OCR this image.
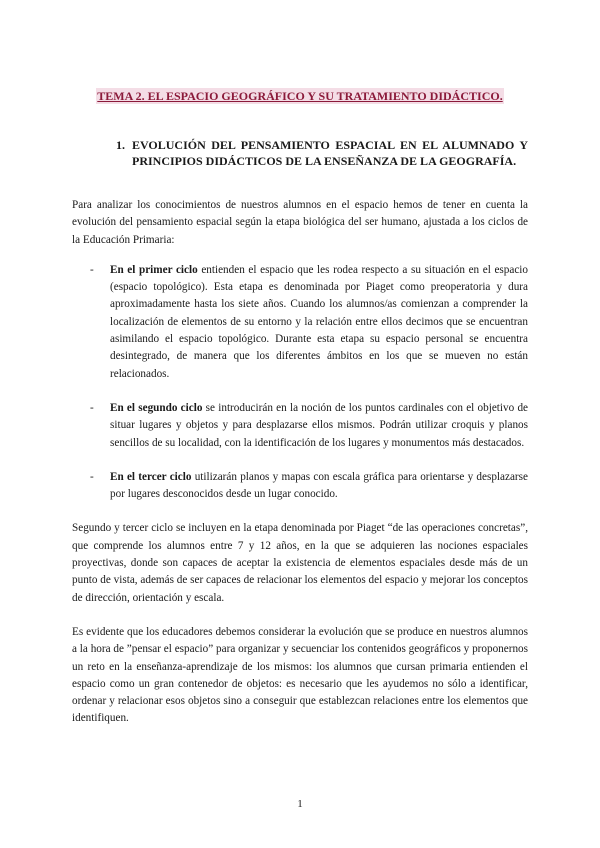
TEMA 2. EL ESPACIO GEOGRÁFICO Y SU TRATAMIENTO DIDÁCTICO.
1. EVOLUCIÓN DEL PENSAMIENTO ESPACIAL EN EL ALUMNADO Y PRINCIPIOS DIDÁCTICOS DE LA ENSEÑANZA DE LA GEOGRAFÍA.

Para analizar los conocimientos de nuestros alumnos en el espacio hemos de tener en cuenta la evolución del pensamiento espacial según la etapa biológica del ser humano, ajustada a los ciclos de la Educación Primaria:

-	En el primer ciclo entienden el espacio que les rodea respecto a su situación en el espacio (espacio topológico). Esta etapa es denominada por Piaget como preoperatoria y dura aproximadamente hasta los siete años. Cuando los alumnos/as comienzan a comprender la localización de elementos de su entorno y la relación entre ellos decimos que se encuentran asimilando el espacio topológico. Durante esta etapa su espacio personal se encuentra desintegrado, de manera que los diferentes ámbitos en los que se mueven no están relacionados.
-	En el segundo ciclo se introducirán en la noción de los puntos cardinales con el objetivo de situar lugares y objetos y para desplazarse ellos mismos. Podrán utilizar croquis y planos sencillos de su localidad, con la identificación de los lugares y monumentos más destacados.
-	En el tercer ciclo utilizarán planos y mapas con escala gráfica para orientarse y desplazarse por lugares desconocidos desde un lugar conocido.

Segundo y tercer ciclo se incluyen en la etapa denominada por Piaget “de las operaciones concretas”, que comprende los alumnos entre 7 y 12 años, en la que se adquieren las nociones espaciales proyectivas, donde son capaces de aceptar la existencia de elementos espaciales desde más de un punto de vista, además de ser capaces de relacionar los elementos del espacio y mejorar los conceptos de dirección, orientación y escala.

Es evidente que los educadores debemos considerar la evolución que se produce en nuestros alumnos a la hora de ”pensar el espacio” para organizar y secuenciar los contenidos geográficos y proponernos un reto en la enseñanza-aprendizaje de los mismos: los alumnos que cursan primaria entienden el espacio como un gran contenedor de objetos: es necesario que les ayudemos no sólo a identificar, ordenar y relacionar esos objetos sino a conseguir que establezcan relaciones entre los elementos que identifiquen.

1
